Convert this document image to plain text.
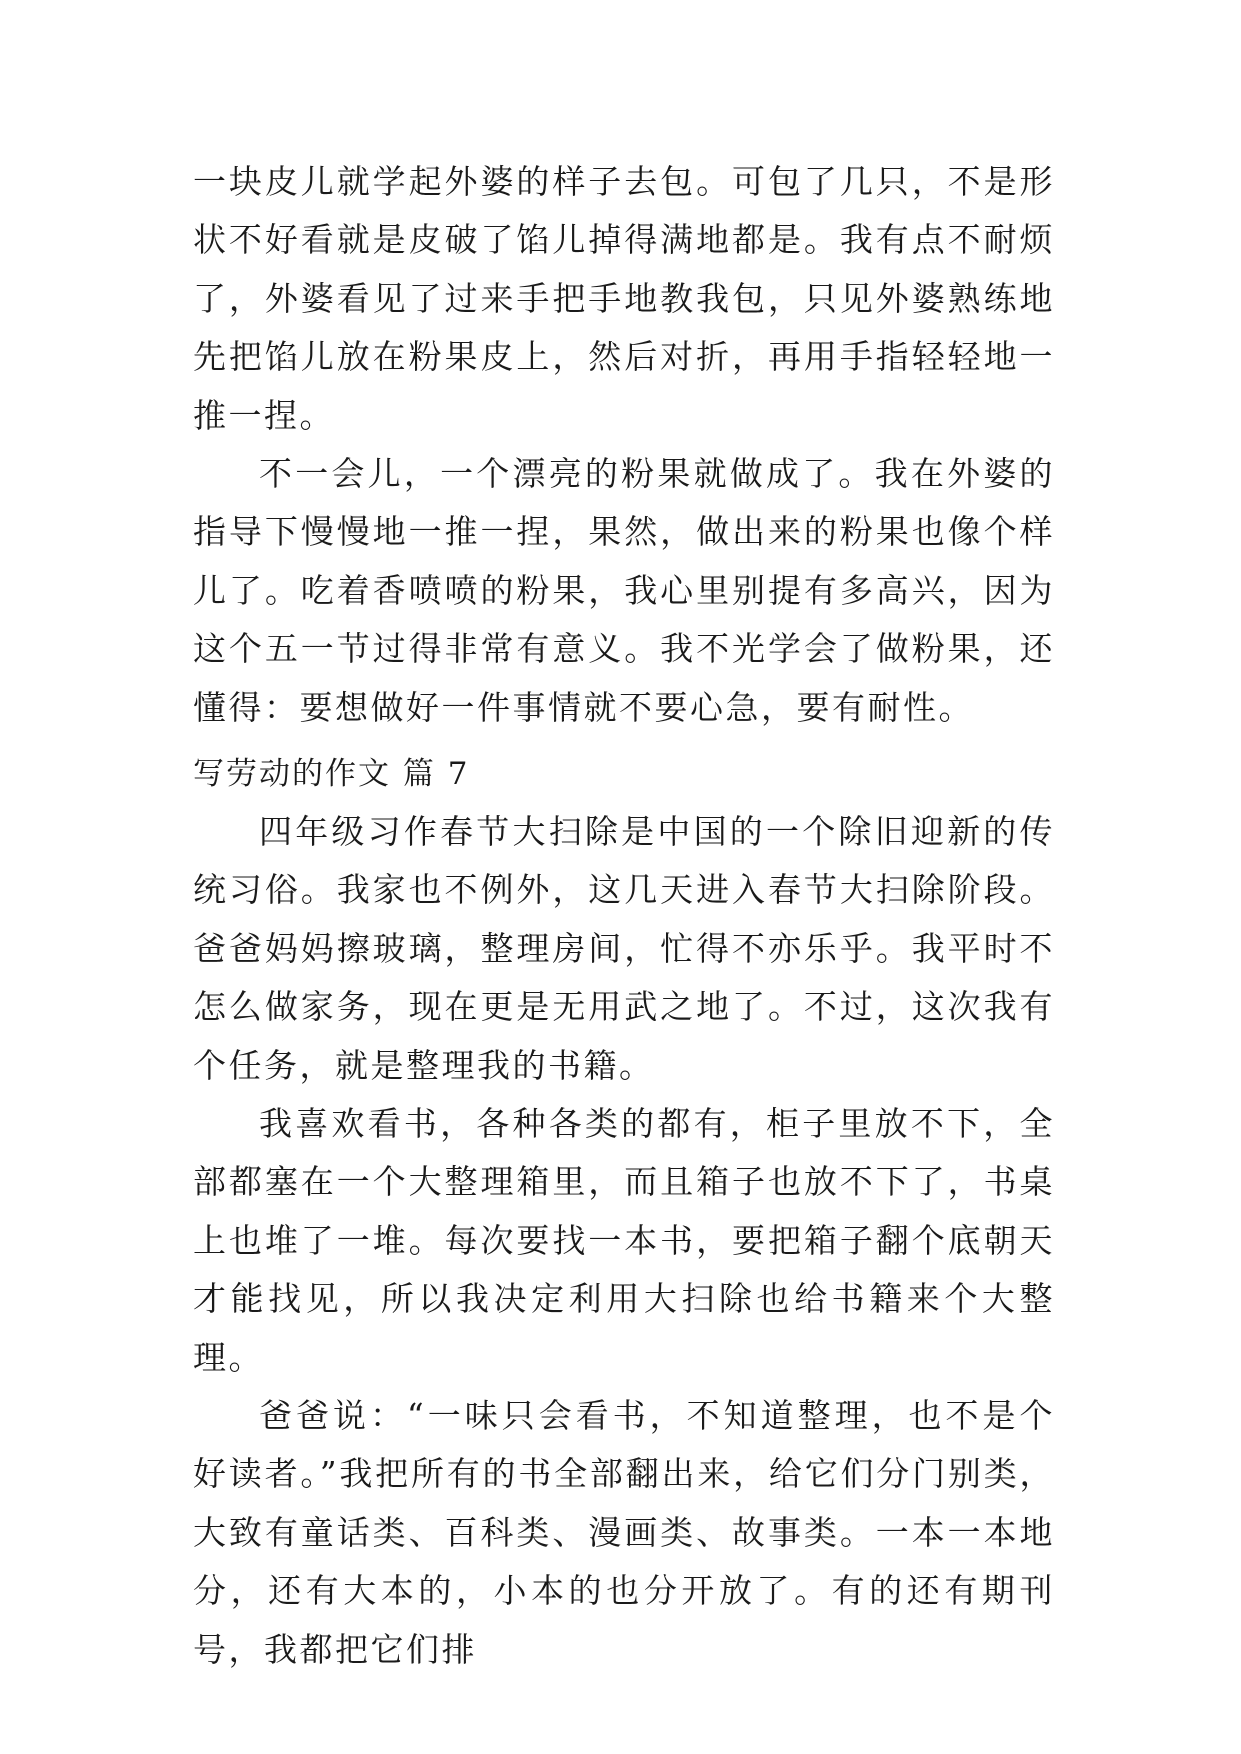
一块皮儿就学起外婆的样子去包。可包了几只，不是形状不好看就是皮破了馅儿掉得满地都是。我有点不耐烦了，外婆看见了过来手把手地教我包，只见外婆熟练地先把馅儿放在粉果皮上，然后对折，再用手指轻轻地一推一捏。

不一会儿，一个漂亮的粉果就做成了。我在外婆的指导下慢慢地一推一捏，果然，做出来的粉果也像个样儿了。吃着香喷喷的粉果，我心里别提有多高兴，因为这个五一节过得非常有意义。我不光学会了做粉果，还懂得：要想做好一件事情就不要心急，要有耐性。

写劳动的作文 篇 7

四年级习作春节大扫除是中国的一个除旧迎新的传统习俗。我家也不例外，这几天进入春节大扫除阶段。爸爸妈妈擦玻璃，整理房间，忙得不亦乐乎。我平时不怎么做家务，现在更是无用武之地了。不过，这次我有个任务，就是整理我的书籍。

我喜欢看书，各种各类的都有，柜子里放不下，全部都塞在一个大整理箱里，而且箱子也放不下了，书桌上也堆了一堆。每次要找一本书，要把箱子翻个底朝天才能找见，所以我决定利用大扫除也给书籍来个大整理。

爸爸说：“一味只会看书，不知道整理，也不是个好读者。”我把所有的书全部翻出来，给它们分门别类，大致有童话类、百科类、漫画类、故事类。一本一本地分，还有大本的，小本的也分开放了。有的还有期刊号，我都把它们排
